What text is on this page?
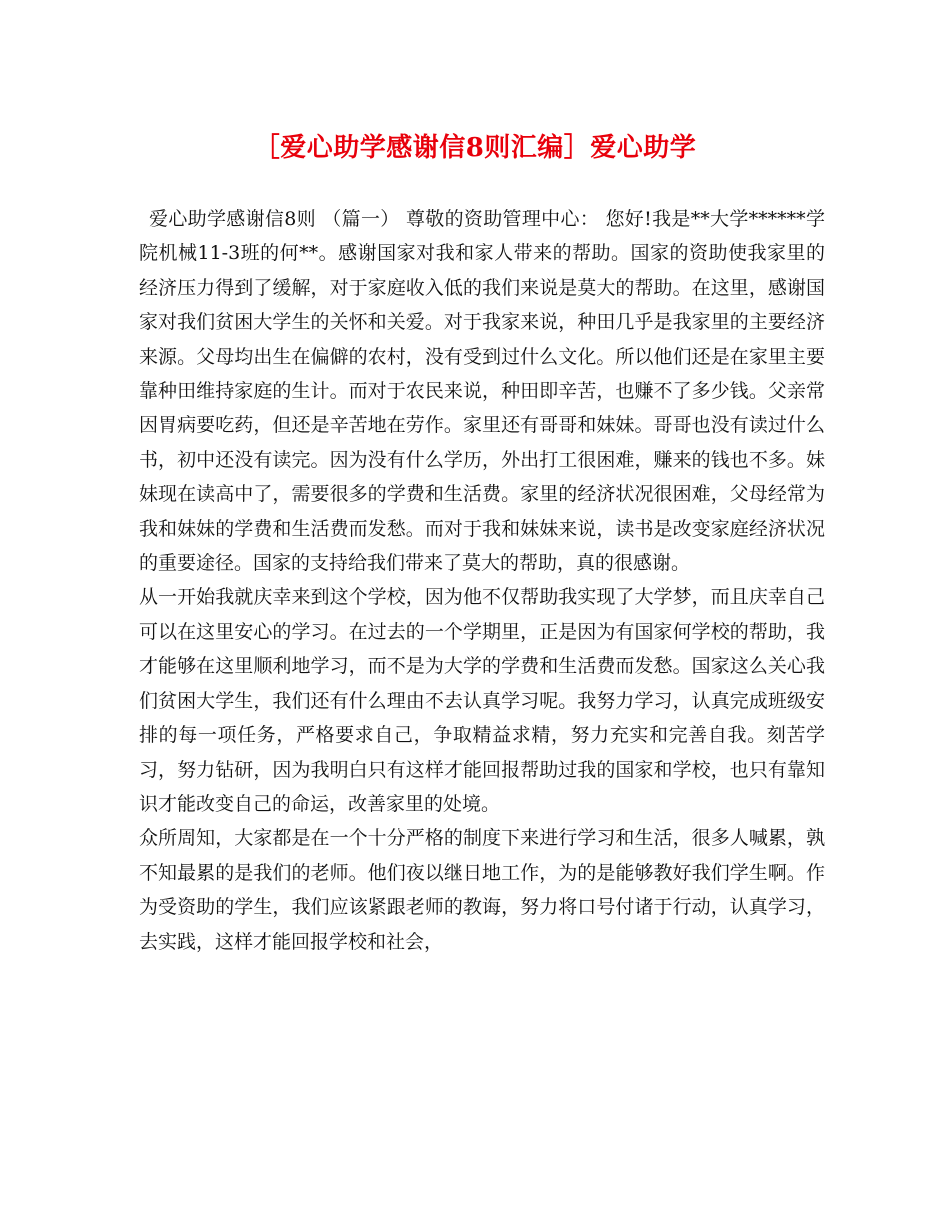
［爱心助学感谢信8则汇编］爱心助学

爱心助学感谢信8则 （篇一） 尊敬的资助管理中心： 您好!我是**大学******学院机械11-3班的何**。感谢国家对我和家人带来的帮助。国家的资助使我家里的经济压力得到了缓解，对于家庭收入低的我们来说是莫大的帮助。在这里，感谢国家对我们贫困大学生的关怀和关爱。对于我家来说，种田几乎是我家里的主要经济来源。父母均出生在偏僻的农村，没有受到过什么文化。所以他们还是在家里主要靠种田维持家庭的生计。而对于农民来说，种田即辛苦，也赚不了多少钱。父亲常因胃病要吃药，但还是辛苦地在劳作。家里还有哥哥和妹妹。哥哥也没有读过什么书，初中还没有读完。因为没有什么学历，外出打工很困难，赚来的钱也不多。妹妹现在读高中了，需要很多的学费和生活费。家里的经济状况很困难，父母经常为我和妹妹的学费和生活费而发愁。而对于我和妹妹来说，读书是改变家庭经济状况的重要途径。国家的支持给我们带来了莫大的帮助，真的很感谢。

从一开始我就庆幸来到这个学校，因为他不仅帮助我实现了大学梦，而且庆幸自己可以在这里安心的学习。在过去的一个学期里，正是因为有国家何学校的帮助，我才能够在这里顺利地学习，而不是为大学的学费和生活费而发愁。国家这么关心我们贫困大学生，我们还有什么理由不去认真学习呢。我努力学习，认真完成班级安排的每一项任务，严格要求自己，争取精益求精，努力充实和完善自我。刻苦学习，努力钻研，因为我明白只有这样才能回报帮助过我的国家和学校，也只有靠知识才能改变自己的命运，改善家里的处境。

众所周知，大家都是在一个十分严格的制度下来进行学习和生活，很多人喊累，孰不知最累的是我们的老师。他们夜以继日地工作，为的是能够教好我们学生啊。作为受资助的学生，我们应该紧跟老师的教诲，努力将口号付诸于行动，认真学习，去实践，这样才能回报学校和社会，
